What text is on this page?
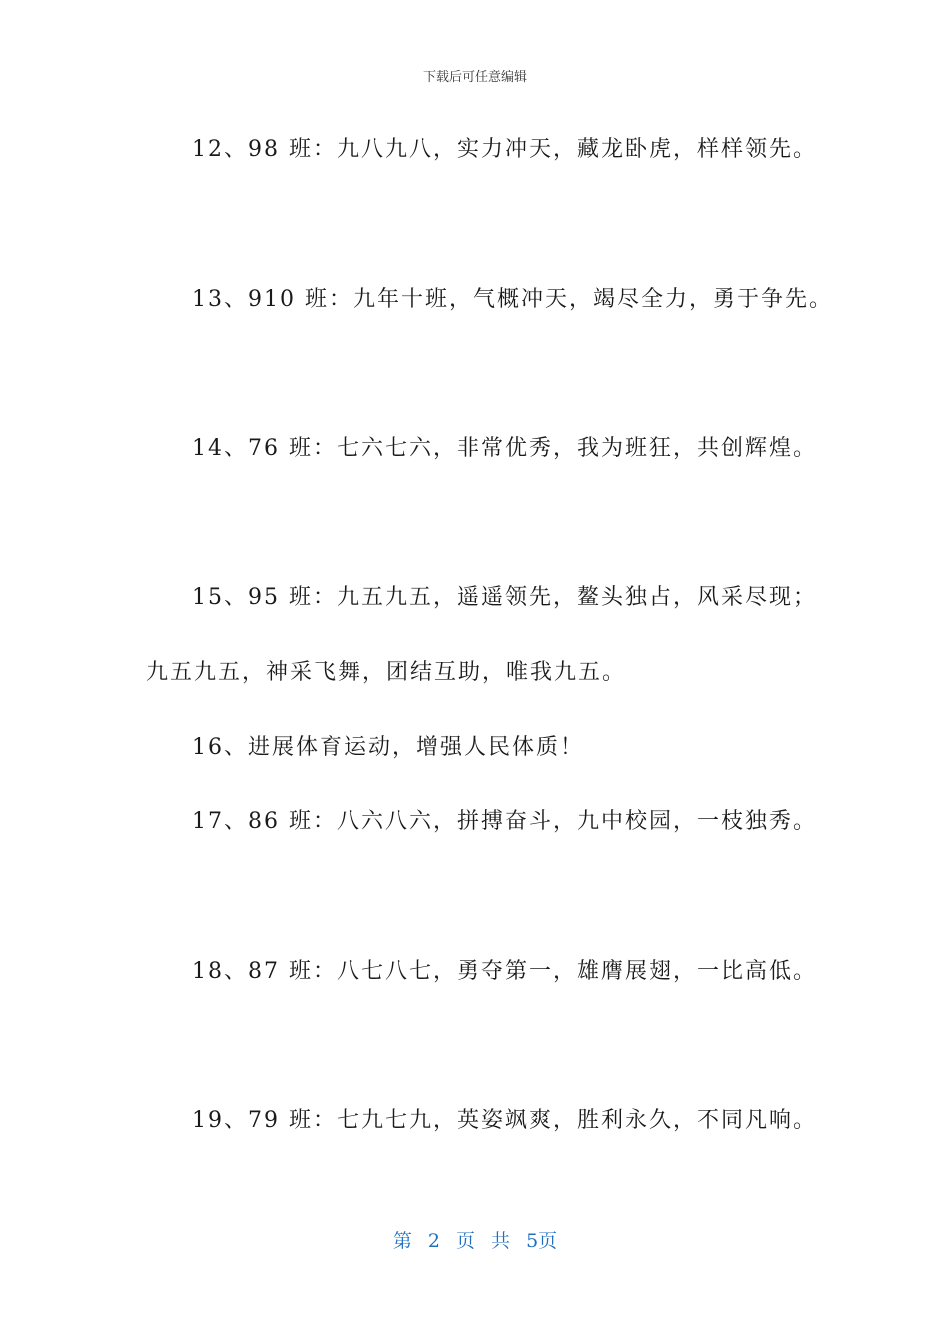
下载后可任意编辑
12、98 班：九八九八，实力冲天，藏龙卧虎，样样领先。
13、910 班：九年十班，气概冲天，竭尽全力，勇于争先。
14、76 班：七六七六，非常优秀，我为班狂，共创辉煌。
15、95 班：九五九五，遥遥领先，鳌头独占，风采尽现；
九五九五，神采飞舞，团结互助，唯我九五。
16、进展体育运动，增强人民体质！
17、86 班：八六八六，拼搏奋斗，九中校园，一枝独秀。
18、87 班：八七八七，勇夺第一，雄膺展翅，一比高低。
19、79 班：七九七九，英姿飒爽，胜利永久，不同凡响。
第 2 页 共 5页
